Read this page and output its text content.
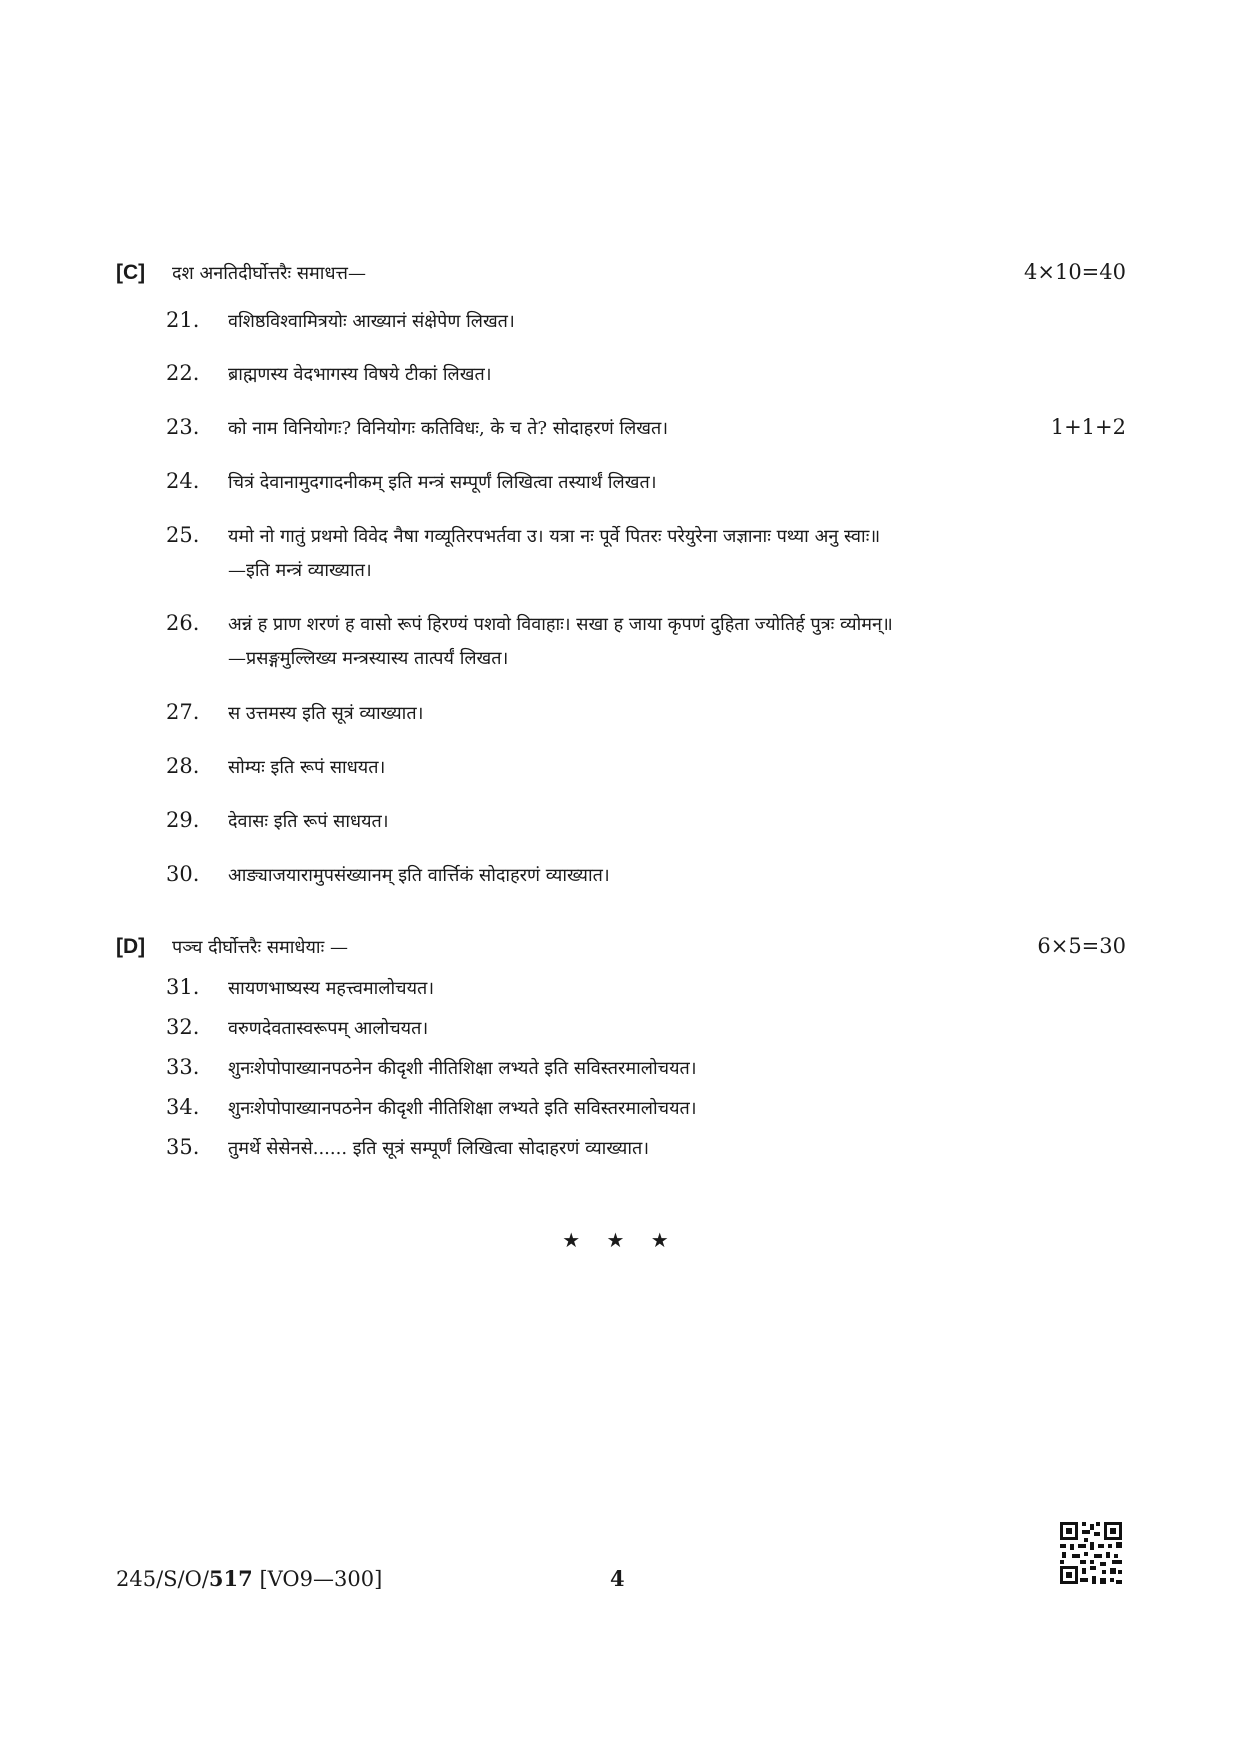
[C]	दश अनतिदीर्घोत्तरैः समाधत्त—	4×10=40
21.	वशिष्ठविश्वामित्रयोः आख्यानं संक्षेपेण लिखत।
22.	ब्राह्मणस्य वेदभागस्य विषये टीकां लिखत।
23.	को नाम विनियोगः? विनियोगः कतिविधः, के च ते? सोदाहरणं लिखत।	1+1+2
24.	चित्रं देवानामुदगादनीकम् इति मन्त्रं सम्पूर्णं लिखित्वा तस्यार्थं लिखत।
25.	यमो नो गातुं प्रथमो विवेद नैषा गव्यूतिरपभर्तवा उ। यत्रा नः पूर्वे पितरः परेयुरेना जज्ञानाः पथ्या अनु स्वाः॥
—इति मन्त्रं व्याख्यात।
26.	अन्नं ह प्राण शरणं ह वासो रूपं हिरण्यं पशवो विवाहाः। सखा ह जाया कृपणं दुहिता ज्योतिर्ह पुत्रः व्योमन्॥
—प्रसङ्गमुल्लिख्य मन्त्रस्यास्य तात्पर्यं लिखत।
27.	स उत्तमस्य इति सूत्रं व्याख्यात।
28.	सोम्यः इति रूपं साधयत।
29.	देवासः इति रूपं साधयत।
30.	आङ्याजयारामुपसंख्यानम् इति वार्त्तिकं सोदाहरणं व्याख्यात।
[D]	पञ्च दीर्घोत्तरैः समाधेयाः —	6×5=30
31.	सायणभाष्यस्य महत्त्वमालोचयत।
32.	वरुणदेवतास्वरूपम् आलोचयत।
33.	शुनःशेपोपाख्यानपठनेन कीदृशी नीतिशिक्षा लभ्यते इति सविस्तरमालोचयत।
34.	शुनःशेपोपाख्यानपठनेन कीदृशी नीतिशिक्षा लभ्यते इति सविस्तरमालोचयत।
35.	तुमर्थे सेसेनसे...... इति सूत्रं सम्पूर्णं लिखित्वा सोदाहरणं व्याख्यात।
★ ★ ★
245/S/O/517 [VO9—300]	4
